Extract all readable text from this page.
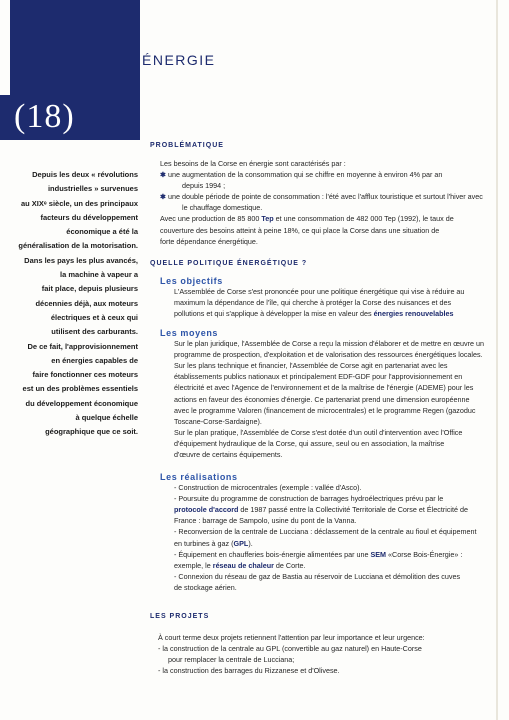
(18)
ÉNERGIE
Depuis les deux « révolutions
industrielles » survenues
au XIXᵉ siècle, un des principaux
facteurs du développement
économique a été la
généralisation de la motorisation.
Dans les pays les plus avancés,
la machine à vapeur a
fait place, depuis plusieurs
décennies déjà, aux moteurs
électriques et à ceux qui
utilisent des carburants.
De ce fait, l'approvisionnement
en énergies capables de
faire fonctionner ces moteurs
est un des problèmes essentiels
du développement économique
à quelque échelle
géographique que ce soit.
PROBLÉMATIQUE
Les besoins de la Corse en énergie sont caractérisés par :
✱ une augmentation de la consommation qui se chiffre en moyenne à environ 4% par an
depuis 1994 ;
✱ une double période de pointe de consommation : l'été avec l'afflux touristique et surtout l'hiver avec
le chauffage domestique.
Avec une production de 85 800 Tep et une consommation de 482 000 Tep (1992), le taux de
couverture des besoins atteint à peine 18%, ce qui place la Corse dans une situation de
forte dépendance énergétique.
QUELLE POLITIQUE ÉNERGÉTIQUE ?
Les objectifs
L'Assemblée de Corse s'est prononcée pour une politique énergétique qui vise à réduire au
maximum la dépendance de l'île, qui cherche à protéger la Corse des nuisances et des
pollutions et qui s'applique à développer la mise en valeur des énergies renouvelables
Les moyens
Sur le plan juridique, l'Assemblée de Corse a reçu la mission d'élaborer et de mettre en œuvre un
programme de prospection, d'exploitation et de valorisation des ressources énergétiques locales.
Sur les plans technique et financier, l'Assemblée de Corse agit en partenariat avec les
établissements publics nationaux et principalement EDF-GDF pour l'approvisionnement en
électricité et avec l'Agence de l'environnement et de la maîtrise de l'énergie (ADEME) pour les
actions en faveur des économies d'énergie. Ce partenariat prend une dimension européenne
avec le programme Valoren (financement de microcentrales) et le programme Regen (gazoduc
Toscane-Corse-Sardaigne).
Sur le plan pratique, l'Assemblée de Corse s'est dotée d'un outil d'intervention avec l'Office
d'équipement hydraulique de la Corse, qui assure, seul ou en association, la maîtrise
d'œuvre de certains équipements.
Les réalisations
- Construction de microcentrales (exemple : vallée d'Asco).
- Poursuite du programme de construction de barrages hydroélectriques prévu par le
protocole d'accord de 1987 passé entre la Collectivité Territoriale de Corse et Électricité de
France : barrage de Sampolo, usine du pont de la Vanna.
- Reconversion de la centrale de Lucciana : déclassement de la centrale au fioul et équipement
en turbines à gaz (GPL).
- Équipement en chaufferies bois-énergie alimentées par une SEM «Corse Bois-Énergie» :
exemple, le réseau de chaleur de Corte.
- Connexion du réseau de gaz de Bastia au réservoir de Lucciana et démolition des cuves
de stockage aérien.
LES PROJETS
À court terme deux projets retiennent l'attention par leur importance et leur urgence:
- la construction de la centrale au GPL (convertible au gaz naturel) en Haute-Corse
pour remplacer la centrale de Lucciana;
- la construction des barrages du Rizzanese et d'Olivese.
